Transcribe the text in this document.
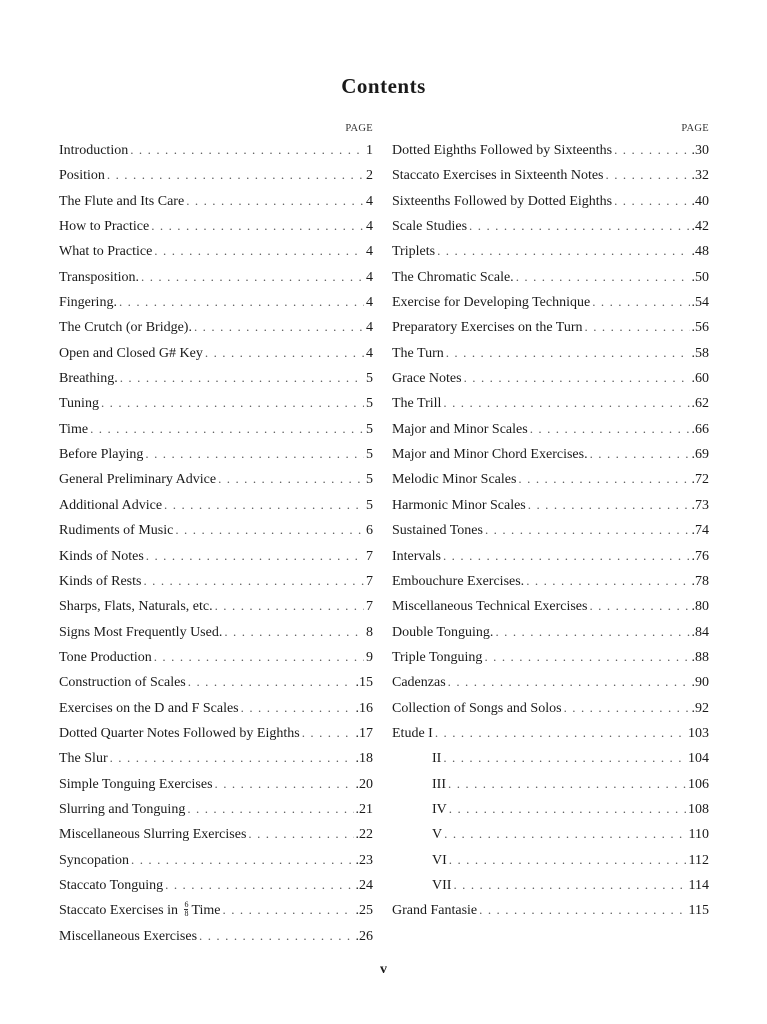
Contents
PAGE
Introduction . . .	1
Position . . .	2
The Flute and Its Care . . .	4
How to Practice . . .	4
What to Practice . . .	4
Transposition. . . .	4
Fingering. . . .	4
The Crutch (or Bridge). . . .	4
Open and Closed G# Key . . .	4
Breathing. . . .	5
Tuning . . .	5
Time . . .	5
Before Playing . . .	5
General Preliminary Advice . . .	5
Additional Advice . . .	5
Rudiments of Music . . .	6
Kinds of Notes . . .	7
Kinds of Rests . . .	7
Sharps, Flats, Naturals, etc. . . .	7
Signs Most Frequently Used. . . .	8
Tone Production . . .	9
Construction of Scales . . .	.15
Exercises on the D and F Scales . . .	.16
Dotted Quarter Notes Followed by Eighths . . .	.17
The Slur . . .	.18
Simple Tonguing Exercises . . .	.20
Slurring and Tonguing . . .	.21
Miscellaneous Slurring Exercises . . .	.22
Syncopation . . .	.23
Staccato Tonguing . . .	.24
Staccato Exercises in $\frac{6}{8}$ Time . . .	.25
Miscellaneous Exercises . . .	.26
PAGE
Dotted Eighths Followed by Sixteenths . . .	.30
Staccato Exercises in Sixteenth Notes . . .	.32
Sixteenths Followed by Dotted Eighths . . .	.40
Scale Studies . . .	.42
Triplets . . .	.48
The Chromatic Scale. . . .	.50
Exercise for Developing Technique . . .	.54
Preparatory Exercises on the Turn . . .	.56
The Turn . . .	.58
Grace Notes . . .	.60
The Trill . . .	.62
Major and Minor Scales . . .	.66
Major and Minor Chord Exercises. . . .	.69
Melodic Minor Scales . . .	.72
Harmonic Minor Scales . . .	.73
Sustained Tones . . .	.74
Intervals . . .	.76
Embouchure Exercises. . . .	.78
Miscellaneous Technical Exercises . . .	.80
Double Tonguing. . . .	.84
Triple Tonguing . . .	.88
Cadenzas . . .	.90
Collection of Songs and Solos . . .	.92
Etude I . . .	103
II . . .	104
III . . .	106
IV . . .	108
V . . .	110
VI . . .	112
VII . . .	114
Grand Fantasie . . .	115
v
